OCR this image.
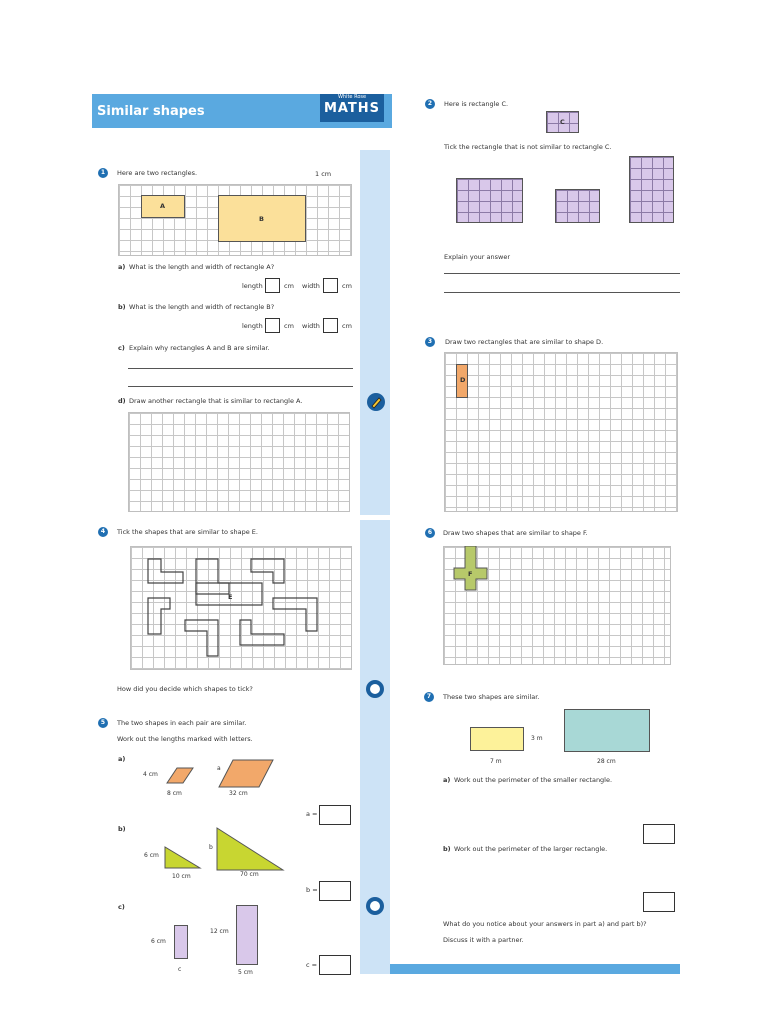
Similar shapes
White Rose
MATHS
1	Here are two rectangles.	1 cm
A
B
a) What is the length and width of rectangle A?
length	cm width	cm
b) What is the length and width of rectangle B?
length	cm width	cm
c) Explain why rectangles A and B are similar.
d) Draw another rectangle that is similar to rectangle A.
2	Here is rectangle C.
C
Tick the rectangle that is not similar to rectangle C.
Explain your answer
3	Draw two rectangles that are similar to shape D.
D
4	Tick the shapes that are similar to shape E.
E
How did you decide which shapes to tick?
5	The two shapes in each pair are similar.
Work out the lengths marked with letters.
a)
4 cm
8 cm	32 cm
a
a =
b)
6 cm
10 cm	70 cm
b
b =
c)
6 cm
12 cm
5 cm
c
c =
6	Draw two shapes that are similar to shape F.
F
7	These two shapes are similar.
3 m
7 m	28 cm
a) Work out the perimeter of the smaller rectangle.
b) Work out the perimeter of the larger rectangle.
What do you notice about your answers in part a) and part b)?
Discuss it with a partner.
